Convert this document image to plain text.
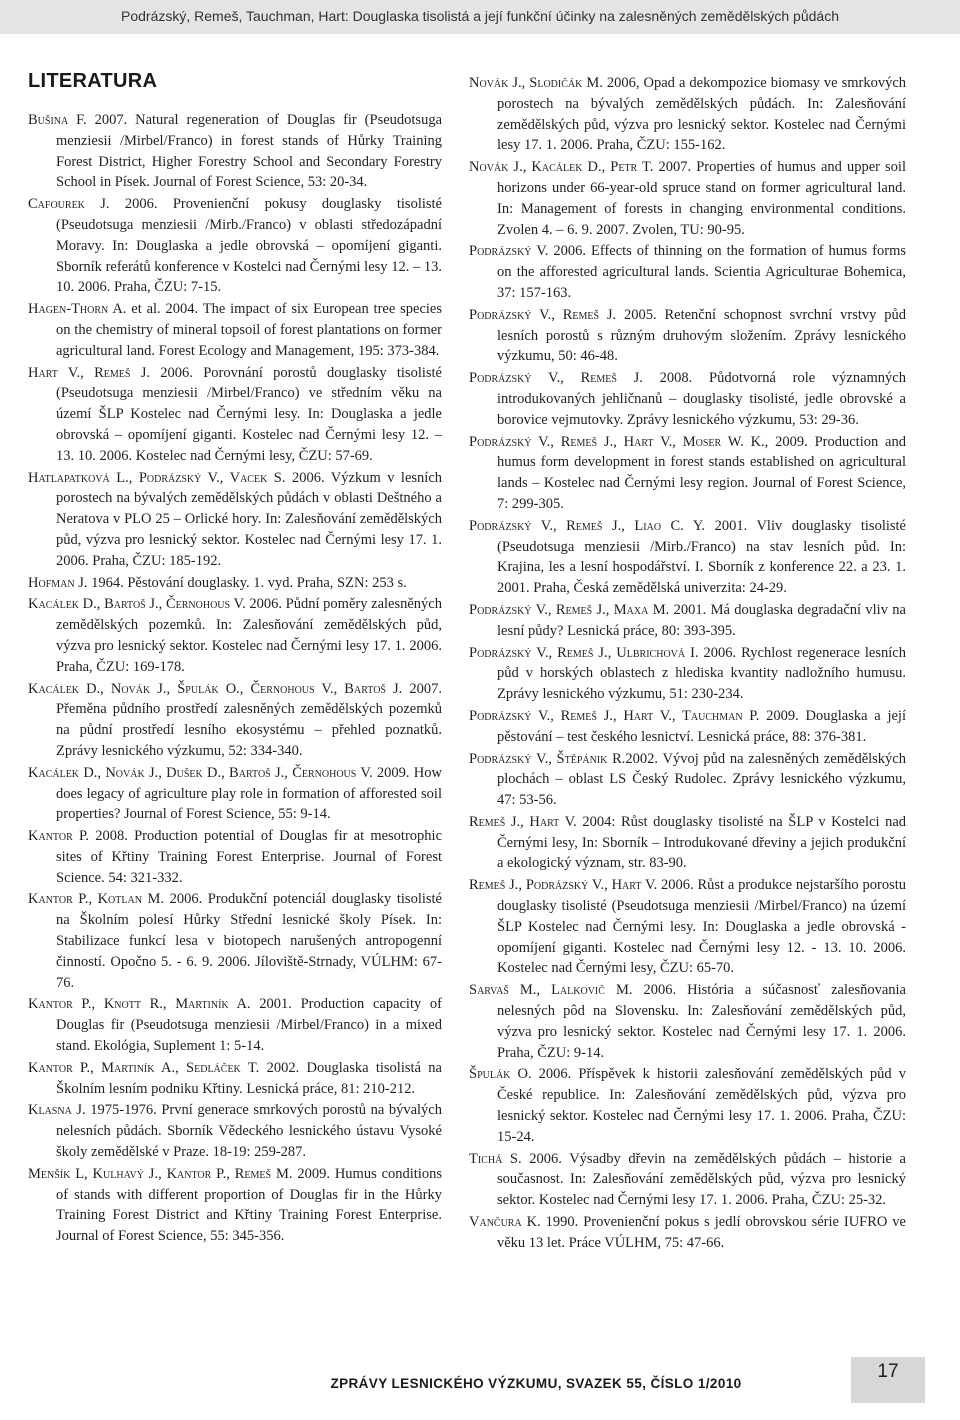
Podrázský, Remeš, Tauchman, Hart: Douglaska tisolistá a její funkční účinky na zalesněných zemědělských půdách
LITERATURA

Bušina F. 2007. Natural regeneration of Douglas fir (Pseudotsuga menziesii /Mirbel/Franco) in forest stands of Hůrky Training Forest District, Higher Forestry School and Secondary Forestry School in Písek. Journal of Forest Science, 53: 20-34.

Cafourek J. 2006. Provenienční pokusy douglasky tisolisté (Pseudotsuga menziesii /Mirb./Franco) v oblasti středozápadní Moravy. In: Douglaska a jedle obrovská – opomíjení giganti. Sborník referátů konference v Kostelci nad Černými lesy 12. – 13. 10. 2006. Praha, ČZU: 7-15.

Hagen-Thorn A. et al. 2004. The impact of six European tree species on the chemistry of mineral topsoil of forest plantations on former agricultural land. Forest Ecology and Management, 195: 373-384.

Hart V., Remeš J. 2006. Porovnání porostů douglasky tisolisté (Pseudotsuga menziesii /Mirbel/Franco) ve středním věku na území ŠLP Kostelec nad Černými lesy. In: Douglaska a jedle obrovská – opomíjení giganti. Kostelec nad Černými lesy 12. – 13. 10. 2006. Kostelec nad Černými lesy, ČZU: 57-69.

Hatlapatková L., Podrázský V., Vacek S. 2006. Výzkum v lesních porostech na bývalých zemědělských půdách v oblasti Deštného a Neratova v PLO 25 – Orlické hory. In: Zalesňování zemědělských půd, výzva pro lesnický sektor. Kostelec nad Černými lesy 17. 1. 2006. Praha, ČZU: 185-192.

Hofman J. 1964. Pěstování douglasky. 1. vyd. Praha, SZN: 253 s.

Kacálek D., Bartoš J., Černohous V. 2006. Půdní poměry zalesněných zemědělských pozemků. In: Zalesňování zemědělských půd, výzva pro lesnický sektor. Kostelec nad Černými lesy 17. 1. 2006. Praha, ČZU: 169-178.

Kacálek D., Novák J., Špulák O., Černohous V., Bartoš J. 2007. Přeměna půdního prostředí zalesněných zemědělských pozemků na půdní prostředí lesního ekosystému – přehled poznatků. Zprávy lesnického výzkumu, 52: 334-340.

Kacálek D., Novák J., Dušek D., Bartoš J., Černohous V. 2009. How does legacy of agriculture play role in formation of afforested soil properties? Journal of Forest Science, 55: 9-14.

Kantor P. 2008. Production potential of Douglas fir at mesotrophic sites of Křtiny Training Forest Enterprise. Journal of Forest Science. 54: 321-332.

Kantor P., Kotlan M. 2006. Produkční potenciál douglasky tisolisté na Školním polesí Hůrky Střední lesnické školy Písek. In: Stabilizace funkcí lesa v biotopech narušených antropogenní činností. Opočno 5. - 6. 9. 2006. Jíloviště-Strnady, VÚLHM: 67-76.

Kantor P., Knott R., Martiník A. 2001. Production capacity of Douglas fir (Pseudotsuga menziesii /Mirbel/Franco) in a mixed stand. Ekológia, Suplement 1: 5-14.

Kantor P., Martiník A., Sedláček T. 2002. Douglaska tisolistá na Školním lesním podniku Křtiny. Lesnická práce, 81: 210-212.

Klasna J. 1975-1976. První generace smrkových porostů na bývalých nelesních půdách. Sborník Vědeckého lesnického ústavu Vysoké školy zemědělské v Praze. 18-19: 259-287.

Menšík L, Kulhavý J., Kantor P., Remeš M. 2009. Humus conditions of stands with different proportion of Douglas fir in the Hůrky Training Forest District and Křtiny Training Forest Enterprise. Journal of Forest Science, 55: 345-356.

Novák J., Slodičák M. 2006, Opad a dekompozice biomasy ve smrkových porostech na bývalých zemědělských půdách. In: Zalesňování zemědělských půd, výzva pro lesnický sektor. Kostelec nad Černými lesy 17. 1. 2006. Praha, ČZU: 155-162.

Novák J., Kacálek D., Petr T. 2007. Properties of humus and upper soil horizons under 66-year-old spruce stand on former agricultural land. In: Management of forests in changing environmental conditions. Zvolen 4. – 6. 9. 2007. Zvolen, TU: 90-95.

Podrázský V. 2006. Effects of thinning on the formation of humus forms on the afforested agricultural lands. Scientia Agriculturae Bohemica, 37: 157-163.

Podrázský V., Remeš J. 2005. Retenční schopnost svrchní vrstvy půd lesních porostů s různým druhovým složením. Zprávy lesnického výzkumu, 50: 46-48.

Podrázský V., Remeš J. 2008. Půdotvorná role významných introdukovaných jehličnanů – douglasky tisolisté, jedle obrovské a borovice vejmutovky. Zprávy lesnického výzkumu, 53: 29-36.

Podrázský V., Remeš J., Hart V., Moser W. K., 2009. Production and humus form development in forest stands established on agricultural lands – Kostelec nad Černými lesy region. Journal of Forest Science, 7: 299-305.

Podrázský V., Remeš J., Liao C. Y. 2001. Vliv douglasky tisolisté (Pseudotsuga menziesii /Mirb./Franco) na stav lesních půd. In: Krajina, les a lesní hospodářství. I. Sborník z konference 22. a 23. 1. 2001. Praha, Česká zemědělská univerzita: 24-29.

Podrázský V., Remeš J., Maxa M. 2001. Má douglaska degradační vliv na lesní půdy? Lesnická práce, 80: 393-395.

Podrázský V., Remeš J., Ulbrichová I. 2006. Rychlost regenerace lesních půd v horských oblastech z hlediska kvantity nadložního humusu. Zprávy lesnického výzkumu, 51: 230-234.

Podrázský V., Remeš J., Hart V., Tauchman P. 2009. Douglaska a její pěstování – test českého lesnictví. Lesnická práce, 88: 376-381.

Podrázský V., Štěpánik R.2002. Vývoj půd na zalesněných zemědělských plochách – oblast LS Český Rudolec. Zprávy lesnického výzkumu, 47: 53-56.

Remeš J., Hart V. 2004: Růst douglasky tisolisté na ŠLP v Kostelci nad Černými lesy, In: Sborník – Introdukované dřeviny a jejich produkční a ekologický význam, str. 83-90.

Remeš J., Podrázský V., Hart V. 2006. Růst a produkce nejstaršího porostu douglasky tisolisté (Pseudotsuga menziesii /Mirbel/Franco) na území ŠLP Kostelec nad Černými lesy. In: Douglaska a jedle obrovská - opomíjení giganti. Kostelec nad Černými lesy 12. - 13. 10. 2006. Kostelec nad Černými lesy, ČZU: 65-70.

Sarvaš M., Lalkovič M. 2006. História a súčasnosť zalesňovania nelesných pôd na Slovensku. In: Zalesňování zemědělských půd, výzva pro lesnický sektor. Kostelec nad Černými lesy 17. 1. 2006. Praha, ČZU: 9-14.

Špulák O. 2006. Příspěvek k historii zalesňování zemědělských půd v České republice. In: Zalesňování zemědělských půd, výzva pro lesnický sektor. Kostelec nad Černými lesy 17. 1. 2006. Praha, ČZU: 15-24.

Tichá S. 2006. Výsadby dřevin na zemědělských půdách – historie a současnost. In: Zalesňování zemědělských půd, výzva pro lesnický sektor. Kostelec nad Černými lesy 17. 1. 2006. Praha, ČZU: 25-32.

Vančura K. 1990. Provenienční pokus s jedlí obrovskou série IUFRO ve věku 13 let. Práce VÚLHM, 75: 47-66.

17
ZPRÁVY LESNICKÉHO VÝZKUMU, SVAZEK 55, ČÍSLO 1/2010
